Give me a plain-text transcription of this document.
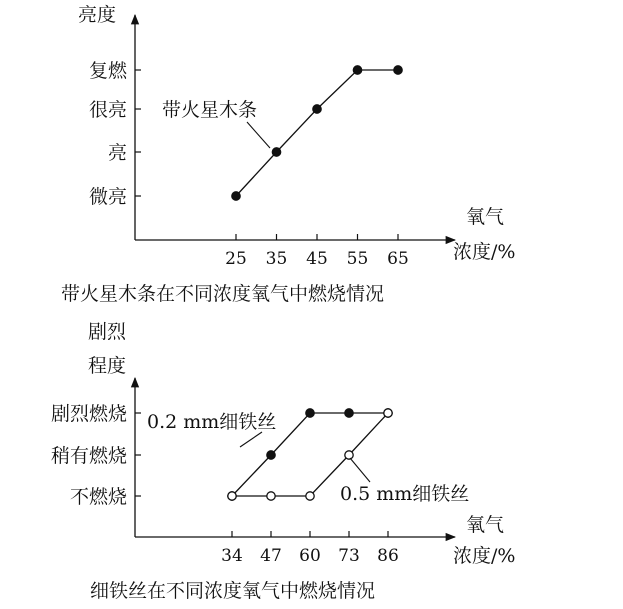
亮度
氧气
浓度/%
微亮
亮
很亮
复燃
25 35 45 55 65
带火星木条
带火星木条在不同浓度氧气中燃烧情况
剧烈
程度
氧气
浓度/%
不燃烧
稍有燃烧
剧烈燃烧
34 47 60 73 86
0.2 mm细铁丝
0.5 mm细铁丝
细铁丝在不同浓度氧气中燃烧情况
